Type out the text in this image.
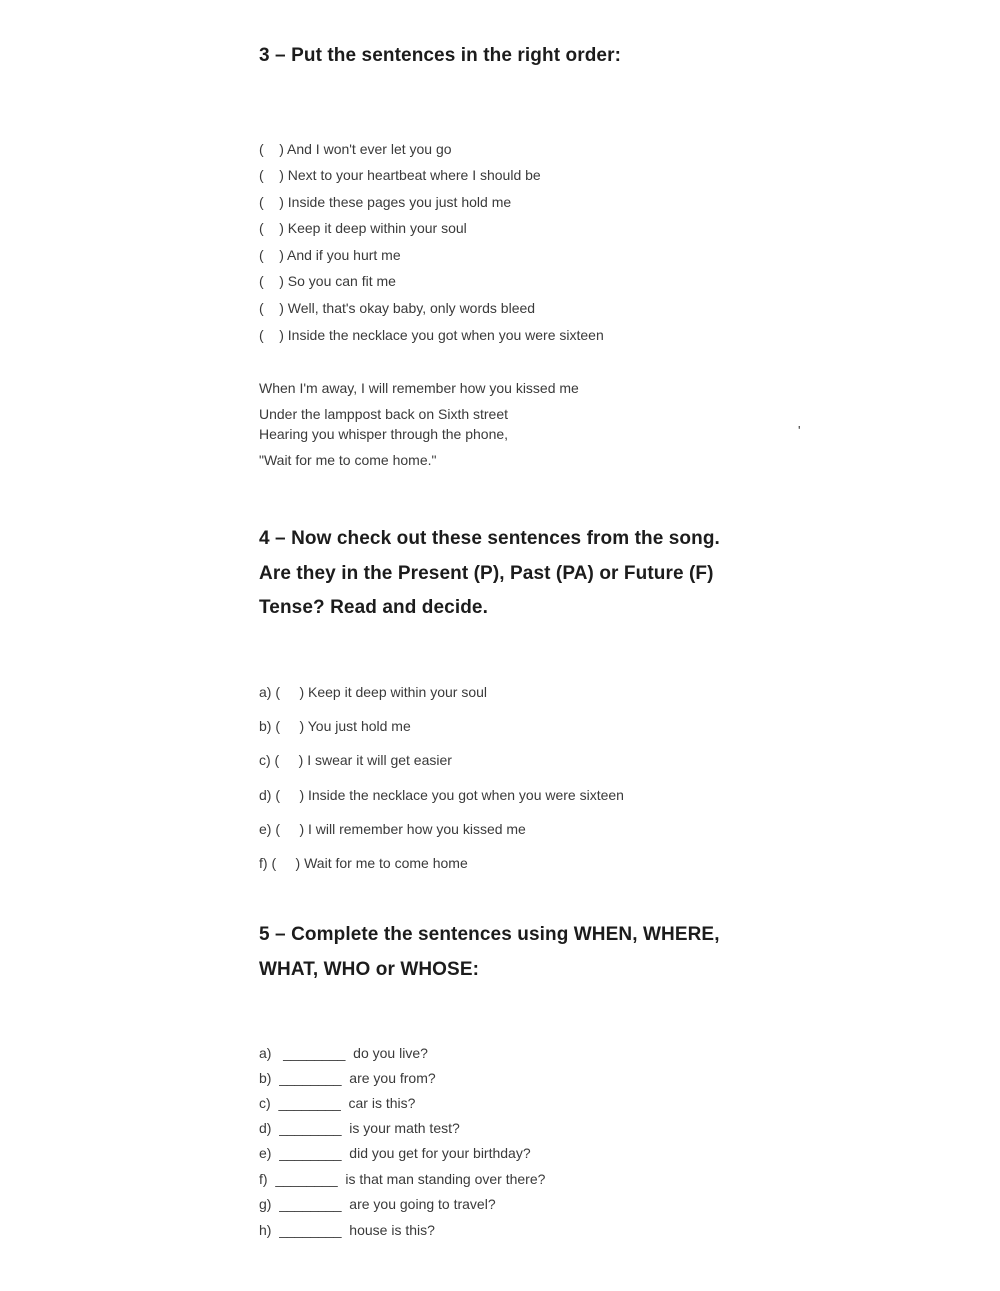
3 – Put the sentences in the right order:
(    ) And I won't ever let you go
(    ) Next to your heartbeat where I should be
(    ) Inside these pages you just hold me
(    ) Keep it deep within your soul
(    ) And if you hurt me
(    ) So you can fit me
(    ) Well, that's okay baby, only words bleed
(    ) Inside the necklace you got when you were sixteen
When I'm away, I will remember how you kissed me
Under the lamppost back on Sixth street
Hearing you whisper through the phone,
"Wait for me to come home."
'
4 – Now check out these sentences from the song.
Are they in the Present (P), Past (PA) or Future (F)
Tense? Read and decide.
a) (     ) Keep it deep within your soul
b) (     ) You just hold me
c) (     ) I swear it will get easier
d) (     ) Inside the necklace you got when you were sixteen
e) (     ) I will remember how you kissed me
f) (     ) Wait for me to come home
5 – Complete the sentences using WHEN, WHERE,
WHAT, WHO or WHOSE:
a)   ________  do you live?
b)  ________  are you from?
c)  ________  car is this?
d)  ________  is your math test?
e)  ________  did you get for your birthday?
f)  ________  is that man standing over there?
g)  ________  are you going to travel?
h)  ________  house is this?
